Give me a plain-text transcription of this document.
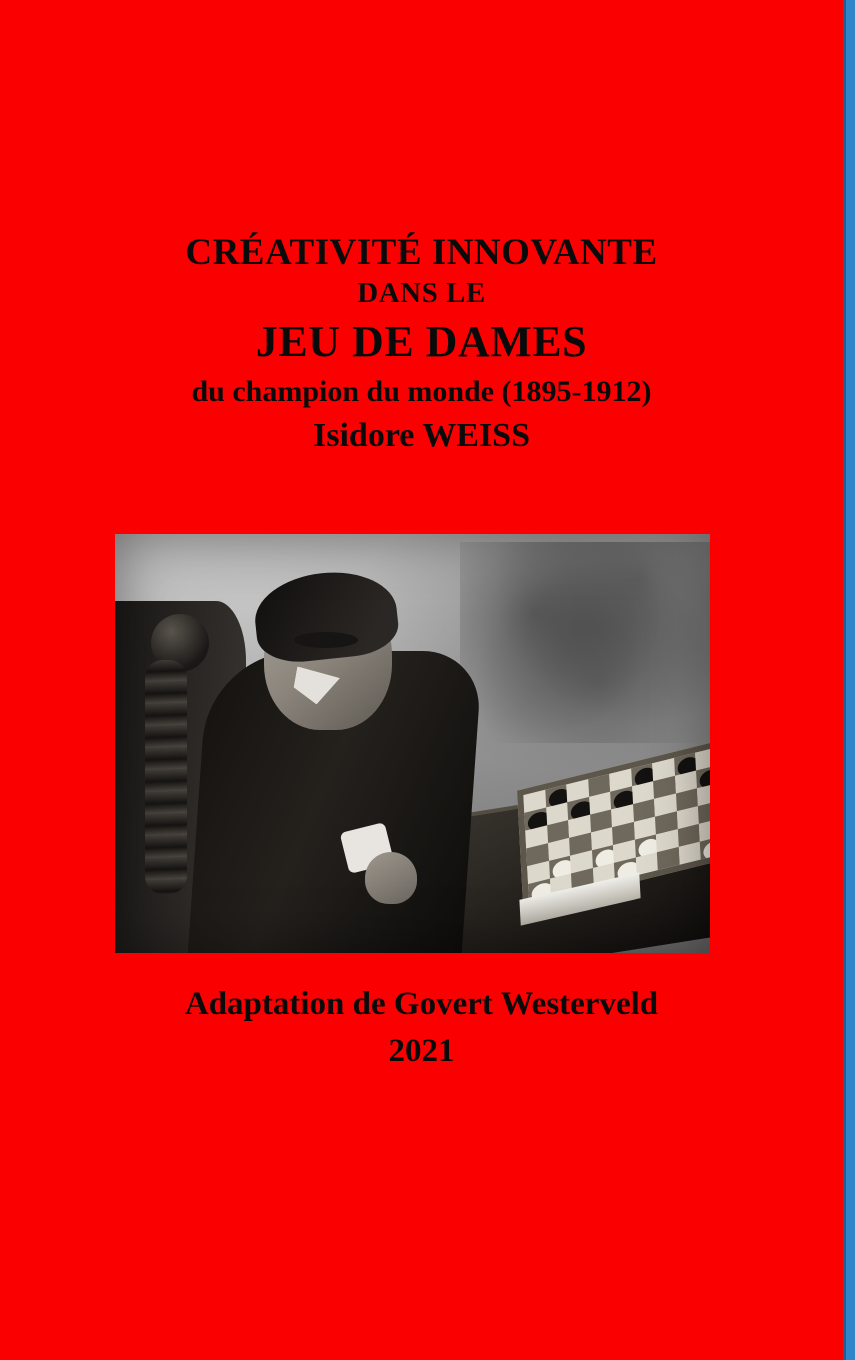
CRÉATIVITÉ INNOVANTE
DANS LE
JEU DE DAMES
du champion du monde (1895-1912)
Isidore WEISS
Adaptation de Govert Westerveld
2021
